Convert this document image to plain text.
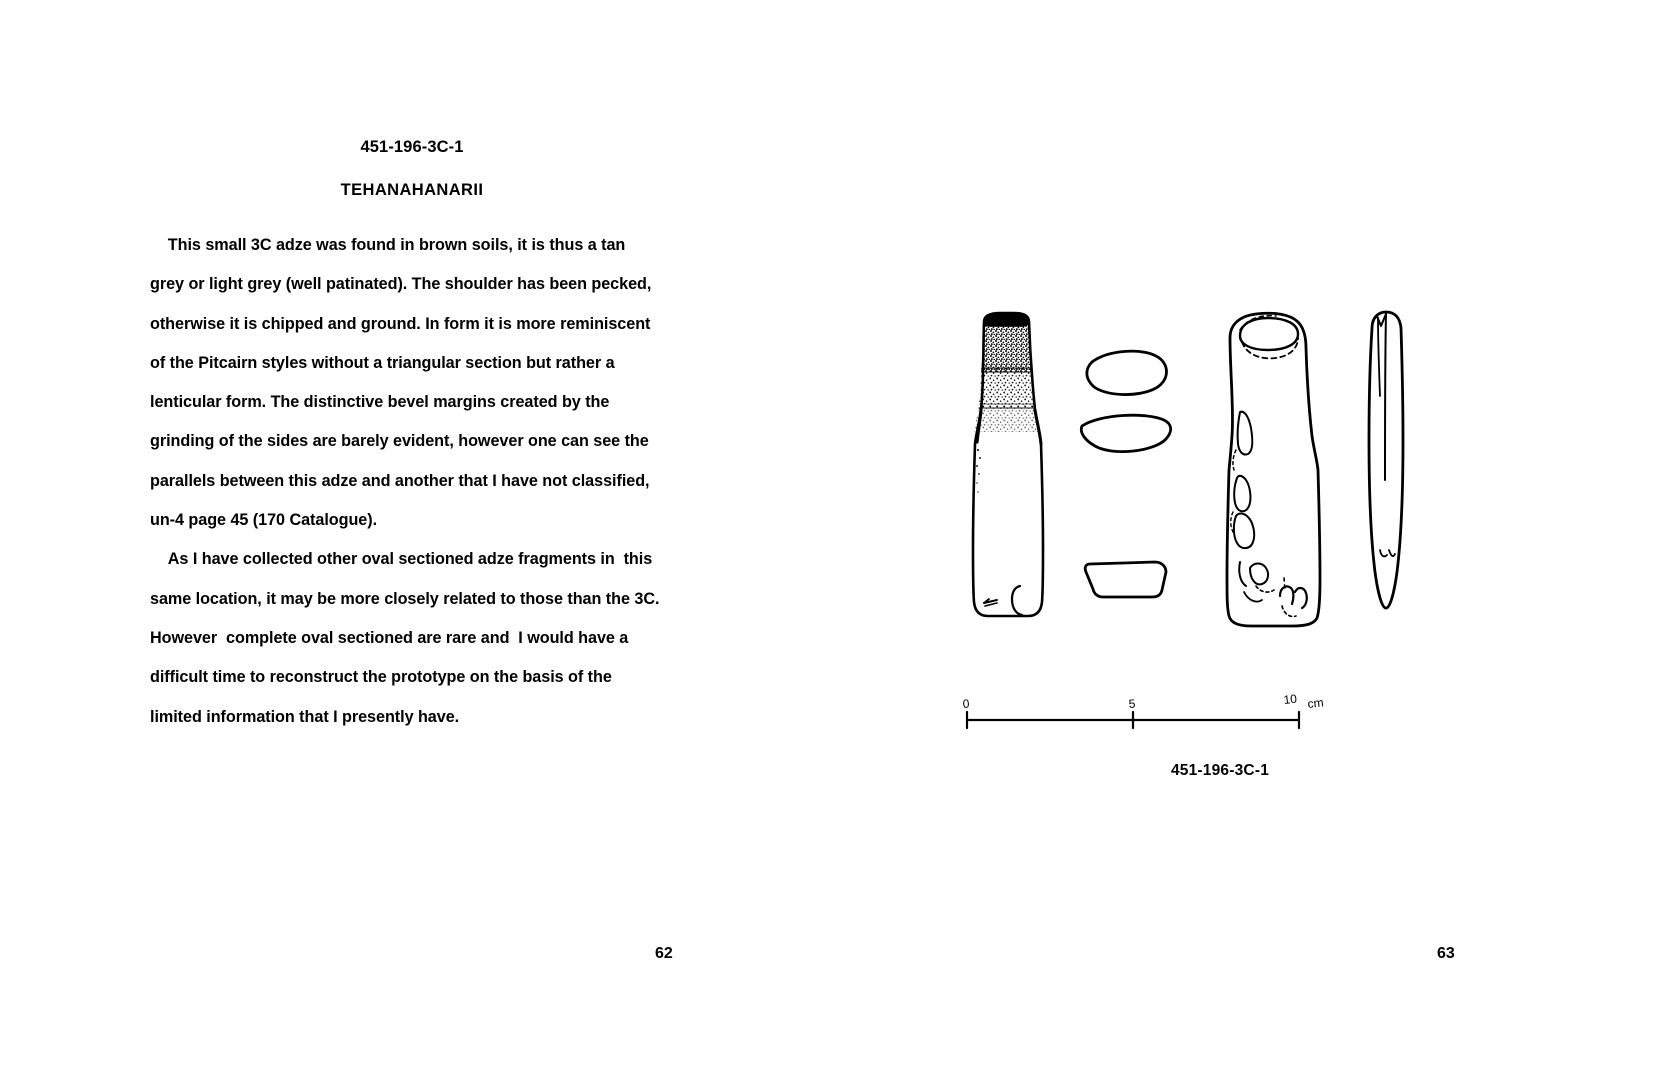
451-196-3C-1
TEHANAHANARII

This small 3C adze was found in brown soils, it is thus a tan grey or light grey (well patinated). The shoulder has been pecked, otherwise it is chipped and ground. In form it is more reminiscent of the Pitcairn styles without a triangular section but rather a lenticular form. The distinctive bevel margins created by the grinding of the sides are barely evident, however one can see the parallels between this adze and another that I have not classified, un-4 page 45 (170 Catalogue).

As I have collected other oval sectioned adze fragments in  this same location, it may be more closely related to those than the 3C. However  complete oval sectioned are rare and  I would have a difficult time to reconstruct the prototype on the basis of the limited information that I presently have.

62
0	5	10 cm
451-196-3C-1
63
